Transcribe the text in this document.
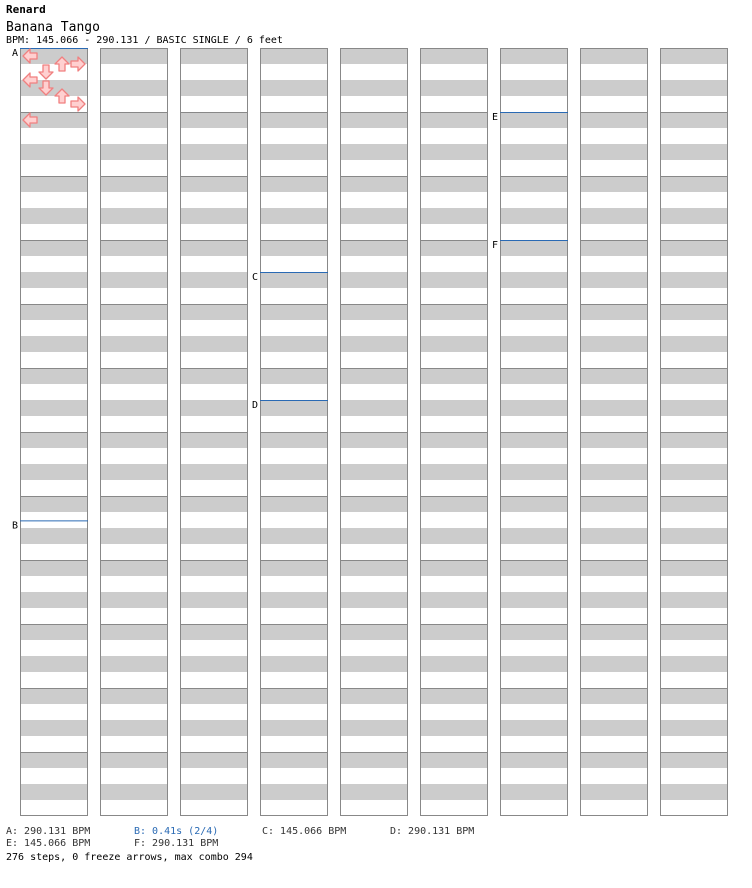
Renard
Banana Tango
BPM: 145.066 - 290.131 / BASIC SINGLE / 6 feet
A
B
C
D
E
F
A: 290.131 BPM	B: 0.41s (2/4)	C: 145.066 BPM	D: 290.131 BPM
E: 145.066 BPM	F: 290.131 BPM
276 steps, 0 freeze arrows, max combo 294
